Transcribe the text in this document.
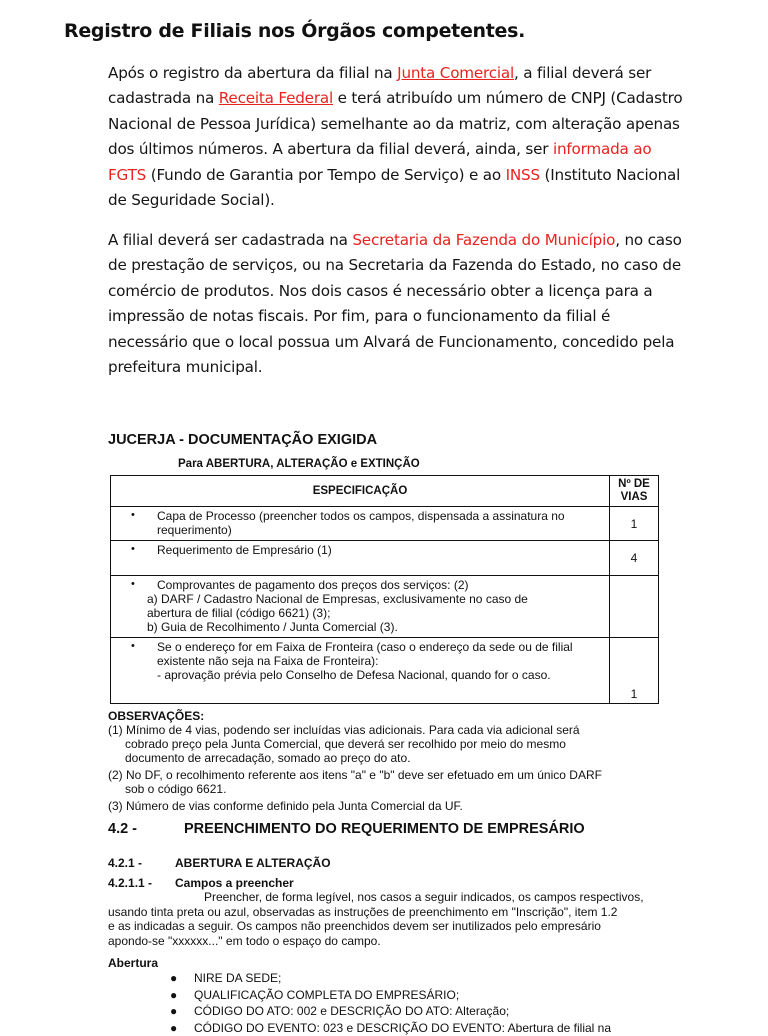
Registro de Filiais nos Órgãos competentes.
Após o registro da abertura da filial na Junta Comercial, a filial deverá ser
cadastrada na Receita Federal e terá atribuído um número de CNPJ (Cadastro
Nacional de Pessoa Jurídica) semelhante ao da matriz, com alteração apenas
dos últimos números. A abertura da filial deverá, ainda, ser informada ao
FGTS (Fundo de Garantia por Tempo de Serviço) e ao INSS (Instituto Nacional
de Seguridade Social).
A filial deverá ser cadastrada na Secretaria da Fazenda do Município, no caso
de prestação de serviços, ou na Secretaria da Fazenda do Estado, no caso de
comércio de produtos. Nos dois casos é necessário obter a licença para a
impressão de notas fiscais. Por fim, para o funcionamento da filial é
necessário que o local possua um Alvará de Funcionamento, concedido pela
prefeitura municipal.
JUCERJA - DOCUMENTAÇÃO EXIGIDA
Para ABERTURA, ALTERAÇÃO e EXTINÇÃO
ESPECIFICAÇÃO	Nº DE
VIAS

• Capa de Processo (preencher todos os campos, dispensada a assinatura no
requerimento)	1

• Requerimento de Empresário (1)	4

• Comprovantes de pagamento dos preços dos serviços: (2)
a) DARF / Cadastro Nacional de Empresas, exclusivamente no caso de
abertura de filial (código 6621) (3);
b) Guia de Recolhimento / Junta Comercial (3).	

• Se o endereço for em Faixa de Fronteira (caso o endereço da sede ou de filial
existente não seja na Faixa de Fronteira):
- aprovação prévia pelo Conselho de Defesa Nacional, quando for o caso.	1
OBSERVAÇÕES:
(1) Mínimo de 4 vias, podendo ser incluídas vias adicionais. Para cada via adicional será
cobrado preço pela Junta Comercial, que deverá ser recolhido por meio do mesmo
documento de arrecadação, somado ao preço do ato.
(2) No DF, o recolhimento referente aos itens "a" e "b" deve ser efetuado em um único DARF
sob o código 6621.
(3) Número de vias conforme definido pela Junta Comercial da UF.
4.2 -	PREENCHIMENTO DO REQUERIMENTO DE EMPRESÁRIO
4.2.1 -	ABERTURA E ALTERAÇÃO
4.2.1.1 - Campos a preencher
Preencher, de forma legível, nos casos a seguir indicados, os campos respectivos,
usando tinta preta ou azul, observadas as instruções de preenchimento em "Inscrição", item 1.2
e as indicadas a seguir. Os campos não preenchidos devem ser inutilizados pelo empresário
apondo-se "xxxxxx..." em todo o espaço do campo.
Abertura
● NIRE DA SEDE;
● QUALIFICAÇÃO COMPLETA DO EMPRESÁRIO;
● CÓDIGO DO ATO: 002 e DESCRIÇÃO DO ATO: Alteração;
● CÓDIGO DO EVENTO: 023 e DESCRIÇÃO DO EVENTO: Abertura de filial na
